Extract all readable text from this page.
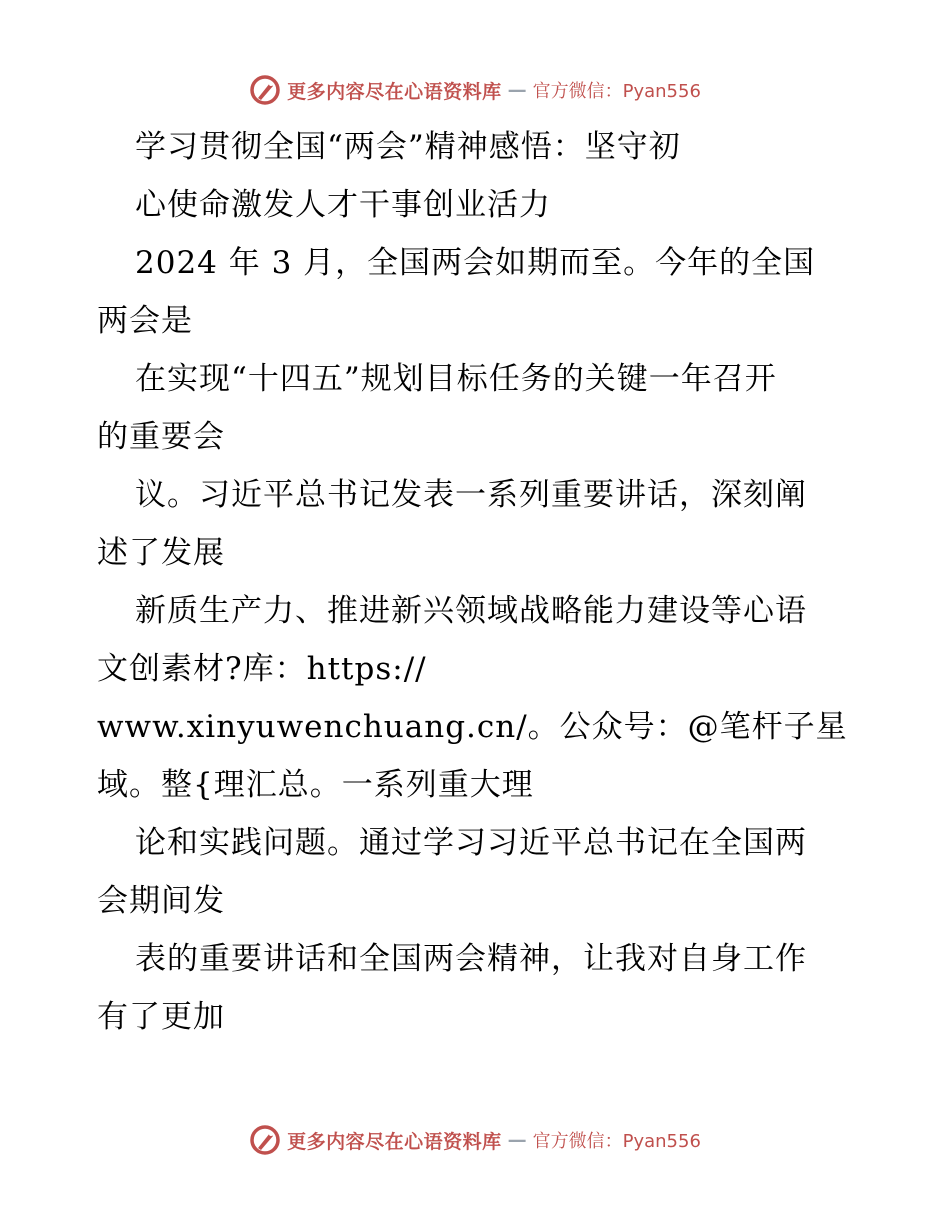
更多内容尽在心语资料库 — 官方微信：Pyan556
学习贯彻全国“两会”精神感悟：坚守初
心使命激发人才干事创业活力
2024 年 3 月，全国两会如期而至。今年的全国
两会是
在实现“十四五”规划目标任务的关键一年召开
的重要会
议。习近平总书记发表一系列重要讲话，深刻阐
述了发展
新质生产力、推进新兴领域战略能力建设等心语
文创素材?库：https://
www.xinyuwenchuang.cn/。公众号：@笔杆子星
域。整{理汇总。一系列重大理
论和实践问题。通过学习习近平总书记在全国两
会期间发
表的重要讲话和全国两会精神，让我对自身工作
有了更加
更多内容尽在心语资料库 — 官方微信：Pyan556
